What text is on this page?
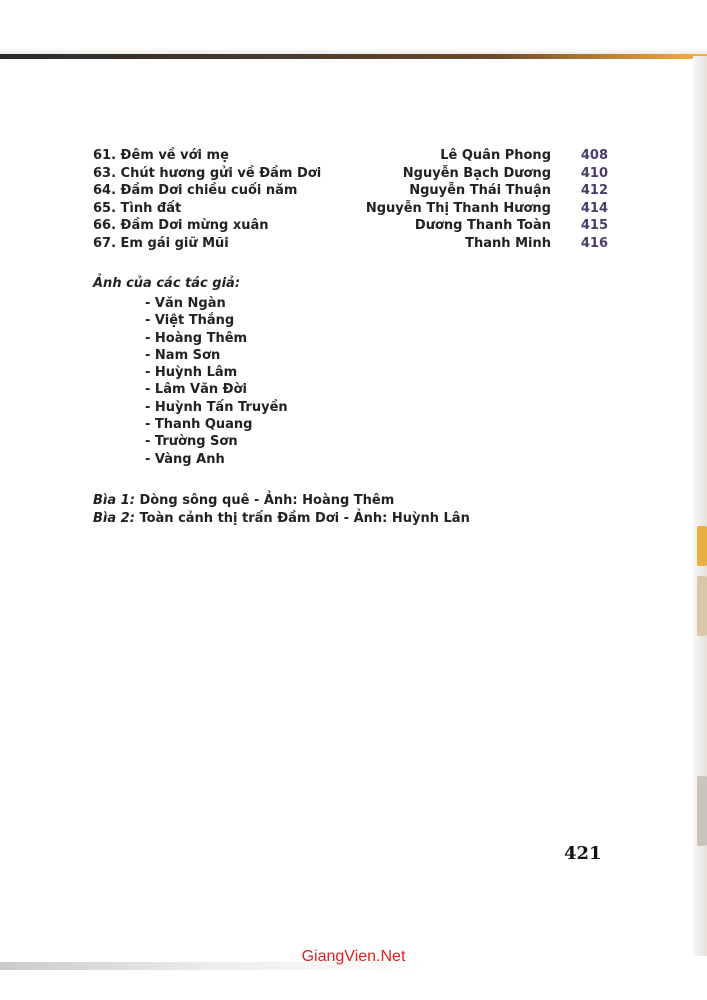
61. Đêm về với mẹ	Lê Quân Phong 408
63. Chút hương gửi về Đầm Dơi	Nguyễn Bạch Dương 410
64. Đầm Dơi chiều cuối năm	Nguyễn Thái Thuận 412
65. Tình đất	Nguyễn Thị Thanh Hương 414
66. Đầm Dơi mừng xuân	Dương Thanh Toàn 415
67. Em gái giữ Mũi	Thanh Minh 416
Ảnh của các tác giả:
- Văn Ngàn
- Việt Thắng
- Hoàng Thêm
- Nam Sơn
- Huỳnh Lâm
- Lâm Văn Đời
- Huỳnh Tấn Truyền
- Thanh Quang
- Trường Sơn
- Vàng Anh
Bìa 1: Dòng sông quê - Ảnh: Hoàng Thêm
Bìa 2: Toàn cảnh thị trấn Đầm Dơi - Ảnh: Huỳnh Lân
421
GiangVien.Net
